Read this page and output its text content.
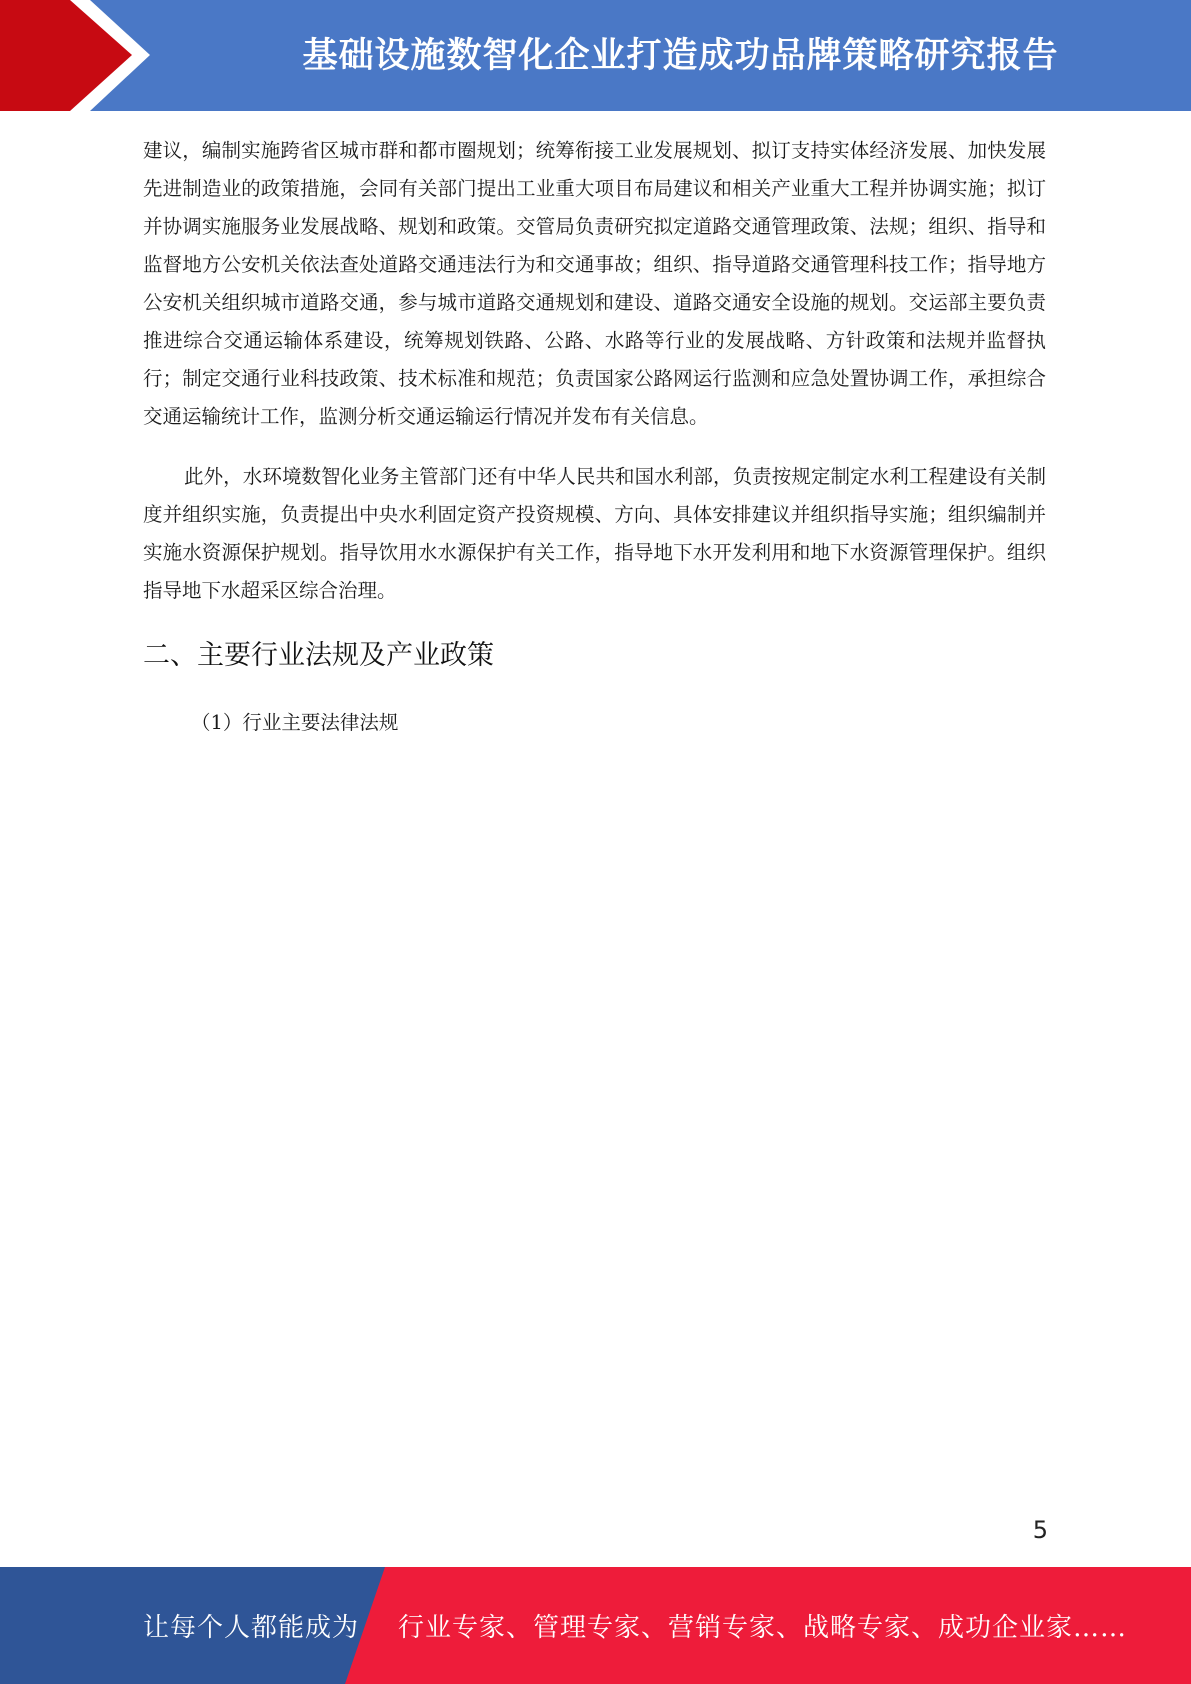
基础设施数智化企业打造成功品牌策略研究报告

建议，编制实施跨省区城市群和都市圈规划；统筹衔接工业发展规划、拟订支持实体经济发展、加快发展先进制造业的政策措施，会同有关部门提出工业重大项目布局建议和相关产业重大工程并协调实施；拟订并协调实施服务业发展战略、规划和政策。交管局负责研究拟定道路交通管理政策、法规；组织、指导和监督地方公安机关依法查处道路交通违法行为和交通事故；组织、指导道路交通管理科技工作；指导地方公安机关组织城市道路交通，参与城市道路交通规划和建设、道路交通安全设施的规划。交运部主要负责推进综合交通运输体系建设，统筹规划铁路、公路、水路等行业的发展战略、方针政策和法规并监督执行；制定交通行业科技政策、技术标准和规范；负责国家公路网运行监测和应急处置协调工作，承担综合交通运输统计工作，监测分析交通运输运行情况并发布有关信息。

此外，水环境数智化业务主管部门还有中华人民共和国水利部，负责按规定制定水利工程建设有关制度并组织实施，负责提出中央水利固定资产投资规模、方向、具体安排建议并组织指导实施；组织编制并实施水资源保护规划。指导饮用水水源保护有关工作，指导地下水开发利用和地下水资源管理保护。组织指导地下水超采区综合治理。

二、主要行业法规及产业政策

（1）行业主要法律法规

5
让每个人都能成为 行业专家、管理专家、营销专家、战略专家、成功企业家……
